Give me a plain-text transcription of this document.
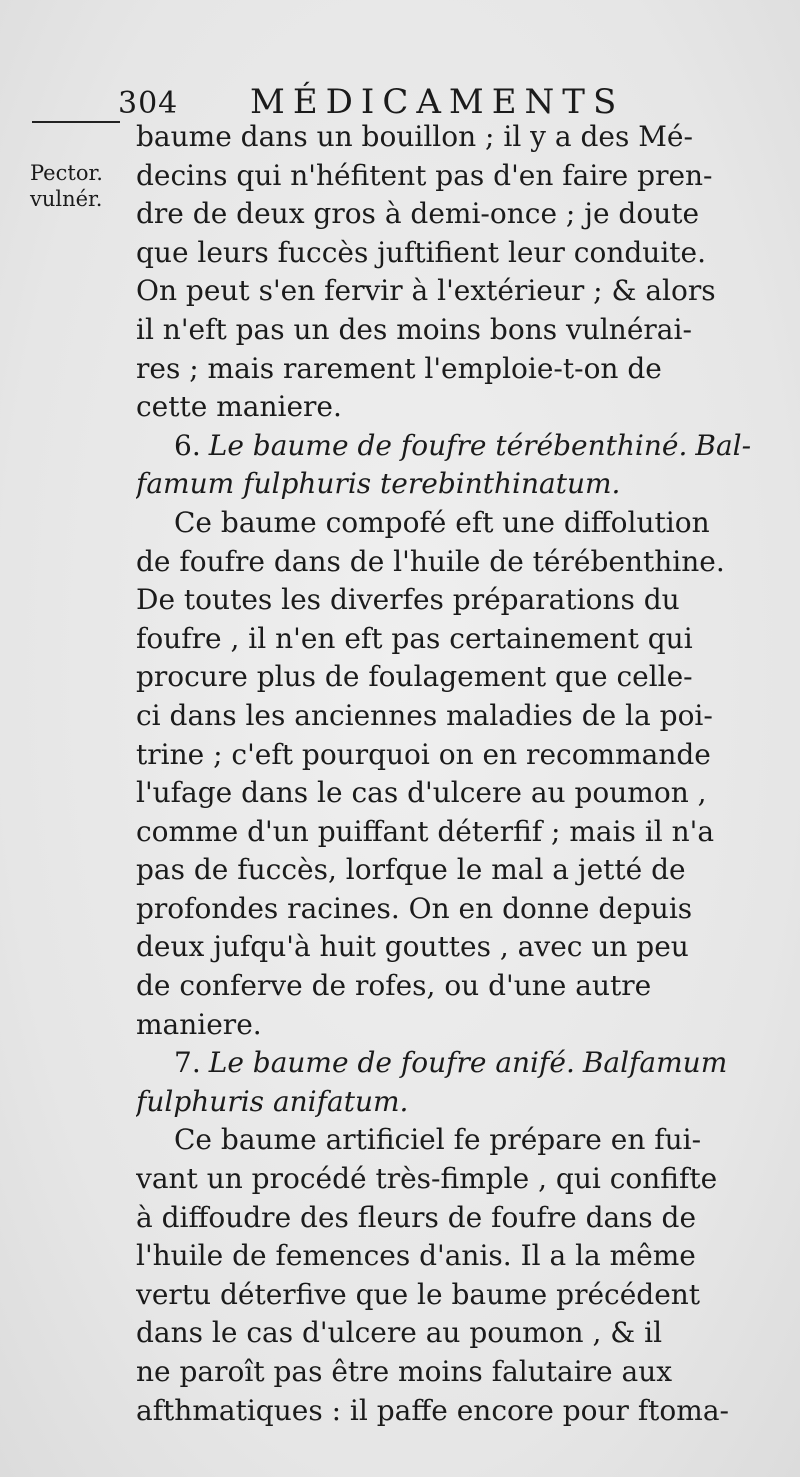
304 MÉDICAMENTS
Pector.
vulnér.
baume dans un bouillon ; il y a des Mé-
decins qui n'héfitent pas d'en faire pren-
dre de deux gros à demi-once ; je doute
que leurs fuccès juftifient leur conduite.
On peut s'en fervir à l'extérieur ; & alors
il n'eft pas un des moins bons vulnérai-
res ; mais rarement l'emploie-t-on de
cette maniere.
6. Le baume de foufre térébenthiné. Bal-
famum fulphuris terebinthinatum.
Ce baume compofé eft une diffolution
de foufre dans de l'huile de térébenthine.
De toutes les diverfes préparations du
foufre , il n'en eft pas certainement qui
procure plus de foulagement que celle-
ci dans les anciennes maladies de la poi-
trine ; c'eft pourquoi on en recommande
l'ufage dans le cas d'ulcere au poumon ,
comme d'un puiffant déterfif ; mais il n'a
pas de fuccès, lorfque le mal a jetté de
profondes racines. On en donne depuis
deux jufqu'à huit gouttes , avec un peu
de conferve de rofes, ou d'une autre
maniere.
7. Le baume de foufre anifé. Balfamum
fulphuris anifatum.
Ce baume artificiel fe prépare en fui-
vant un procédé très-fimple , qui confifte
à diffoudre des fleurs de foufre dans de
l'huile de femences d'anis. Il a la même
vertu déterfive que le baume précédent
dans le cas d'ulcere au poumon , & il
ne paroît pas être moins falutaire aux
afthmatiques : il paffe encore pour ftoma-
